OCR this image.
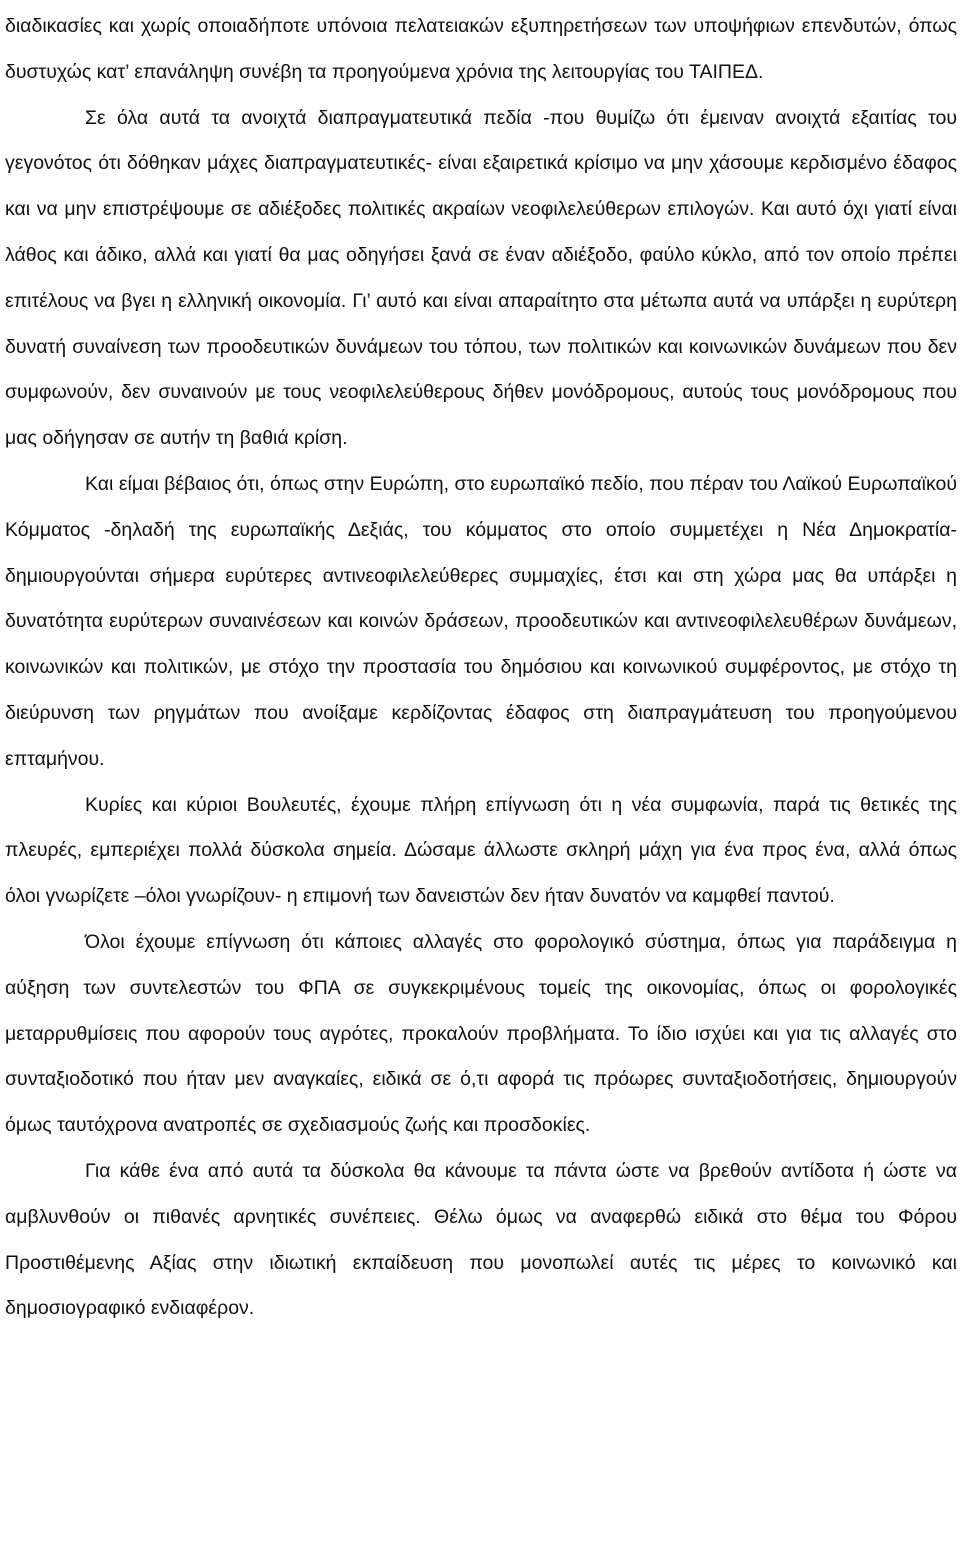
διαδικασίες και χωρίς οποιαδήποτε υπόνοια πελατειακών εξυπηρετήσεων των υποψήφιων επενδυτών, όπως δυστυχώς κατ’ επανάληψη συνέβη τα προηγούμενα χρόνια της λειτουργίας του ΤΑΙΠΕΔ.

Σε όλα αυτά τα ανοιχτά διαπραγματευτικά πεδία -που θυμίζω ότι έμειναν ανοιχτά εξαιτίας του γεγονότος ότι δόθηκαν μάχες διαπραγματευτικές- είναι εξαιρετικά κρίσιμο να μην χάσουμε κερδισμένο έδαφος και να μην επιστρέψουμε σε αδιέξοδες πολιτικές ακραίων νεοφιλελεύθερων επιλογών. Και αυτό όχι γιατί είναι λάθος και άδικο, αλλά και γιατί θα μας οδηγήσει ξανά σε έναν αδιέξοδο, φαύλο κύκλο, από τον οποίο πρέπει επιτέλους να βγει η ελληνική οικονομία. Γι’ αυτό και είναι απαραίτητο στα μέτωπα αυτά να υπάρξει η ευρύτερη δυνατή συναίνεση των προοδευτικών δυνάμεων του τόπου, των πολιτικών και κοινωνικών δυνάμεων που δεν συμφωνούν, δεν συναινούν με τους νεοφιλελεύθερους δήθεν μονόδρομους, αυτούς τους μονόδρομους που μας οδήγησαν σε αυτήν τη βαθιά κρίση.

Και είμαι βέβαιος ότι, όπως στην Ευρώπη, στο ευρωπαϊκό πεδίο, που πέραν του Λαϊκού Ευρωπαϊκού Κόμματος -δηλαδή της ευρωπαϊκής Δεξιάς, του κόμματος στο οποίο συμμετέχει η Νέα Δημοκρατία- δημιουργούνται σήμερα ευρύτερες αντινεοφιλελεύθερες συμμαχίες, έτσι και στη χώρα μας θα υπάρξει η δυνατότητα ευρύτερων συναινέσεων και κοινών δράσεων, προοδευτικών και αντινεοφιλελευθέρων δυνάμεων, κοινωνικών και πολιτικών, με στόχο την προστασία του δημόσιου και κοινωνικού συμφέροντος, με στόχο τη διεύρυνση των ρηγμάτων που ανοίξαμε κερδίζοντας έδαφος στη διαπραγμάτευση του προηγούμενου επταμήνου.

Κυρίες και κύριοι Βουλευτές, έχουμε πλήρη επίγνωση ότι η νέα συμφωνία, παρά τις θετικές της πλευρές, εμπεριέχει πολλά δύσκολα σημεία. Δώσαμε άλλωστε σκληρή μάχη για ένα προς ένα, αλλά όπως όλοι γνωρίζετε –όλοι γνωρίζουν- η επιμονή των δανειστών δεν ήταν δυνατόν να καμφθεί παντού.

Όλοι έχουμε επίγνωση ότι κάποιες αλλαγές στο φορολογικό σύστημα, όπως για παράδειγμα η αύξηση των συντελεστών του ΦΠΑ σε συγκεκριμένους τομείς της οικονομίας, όπως οι φορολογικές μεταρρυθμίσεις που αφορούν τους αγρότες, προκαλούν προβλήματα. Το ίδιο ισχύει και για τις αλλαγές στο συνταξιοδοτικό που ήταν μεν αναγκαίες, ειδικά σε ό,τι αφορά τις πρόωρες συνταξιοδοτήσεις, δημιουργούν όμως ταυτόχρονα ανατροπές σε σχεδιασμούς ζωής και προσδοκίες.

Για κάθε ένα από αυτά τα δύσκολα θα κάνουμε τα πάντα ώστε να βρεθούν αντίδοτα ή ώστε να αμβλυνθούν οι πιθανές αρνητικές συνέπειες. Θέλω όμως να αναφερθώ ειδικά στο θέμα του Φόρου Προστιθέμενης Αξίας στην ιδιωτική εκπαίδευση που μονοπωλεί αυτές τις μέρες το κοινωνικό και δημοσιογραφικό ενδιαφέρον.
